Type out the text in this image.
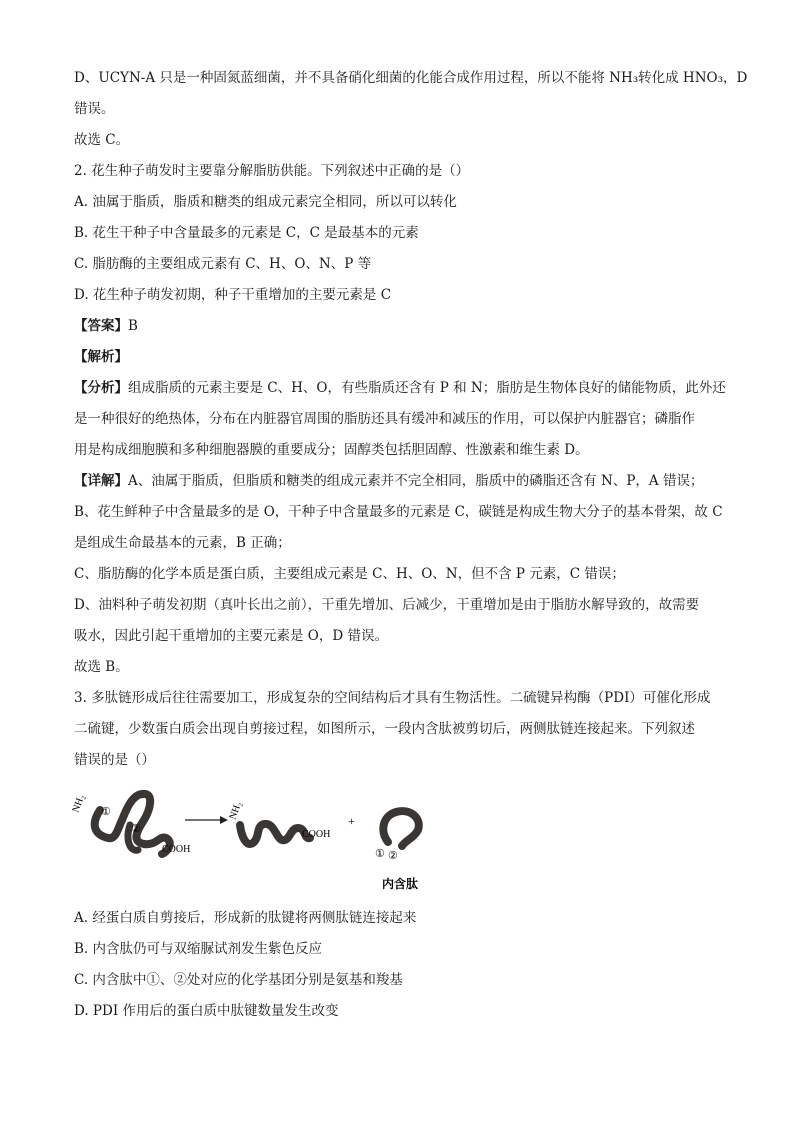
D、UCYN-A 只是一种固氮蓝细菌，并不具备硝化细菌的化能合成作用过程，所以不能将 NH₃转化成 HNO₃，D
错误。
故选 C。
2. 花生种子萌发时主要靠分解脂肪供能。下列叙述中正确的是（）
A. 油属于脂质，脂质和糖类的组成元素完全相同，所以可以转化
B. 花生干种子中含量最多的元素是 C，C 是最基本的元素
C. 脂肪酶的主要组成元素有 C、H、O、N、P 等
D. 花生种子萌发初期，种子干重增加的主要元素是 C
【答案】B
【解析】
【分析】组成脂质的元素主要是 C、H、O，有些脂质还含有 P 和 N；脂肪是生物体良好的储能物质，此外还
是一种很好的绝热体，分布在内脏器官周围的脂肪还具有缓冲和减压的作用，可以保护内脏器官；磷脂作
用是构成细胞膜和多种细胞器膜的重要成分；固醇类包括胆固醇、性激素和维生素 D。
【详解】A、油属于脂质，但脂质和糖类的组成元素并不完全相同，脂质中的磷脂还含有 N、P，A 错误；
B、花生鲜种子中含量最多的是 O，干种子中含量最多的元素是 C，碳链是构成生物大分子的基本骨架，故 C
是组成生命最基本的元素，B 正确；
C、脂肪酶的化学本质是蛋白质，主要组成元素是 C、H、O、N，但不含 P 元素，C 错误；
D、油料种子萌发初期（真叶长出之前），干重先增加、后减少，干重增加是由于脂肪水解导致的，故需要
吸水，因此引起干重增加的主要元素是 O，D 错误。
故选 B。
3. 多肽链形成后往往需要加工，形成复杂的空间结构后才具有生物活性。二硫键异构酶（PDI）可催化形成
二硫键，少数蛋白质会出现自剪接过程，如图所示，一段内含肽被剪切后，两侧肽链连接起来。下列叙述
错误的是（）
NH₂ ①
②
COOH
NH₂
COOH
+
① ②
内含肽
A. 经蛋白质自剪接后，形成新的肽键将两侧肽链连接起来
B. 内含肽仍可与双缩脲试剂发生紫色反应
C. 内含肽中①、②处对应的化学基团分别是氨基和羧基
D. PDI 作用后的蛋白质中肽键数量发生改变
